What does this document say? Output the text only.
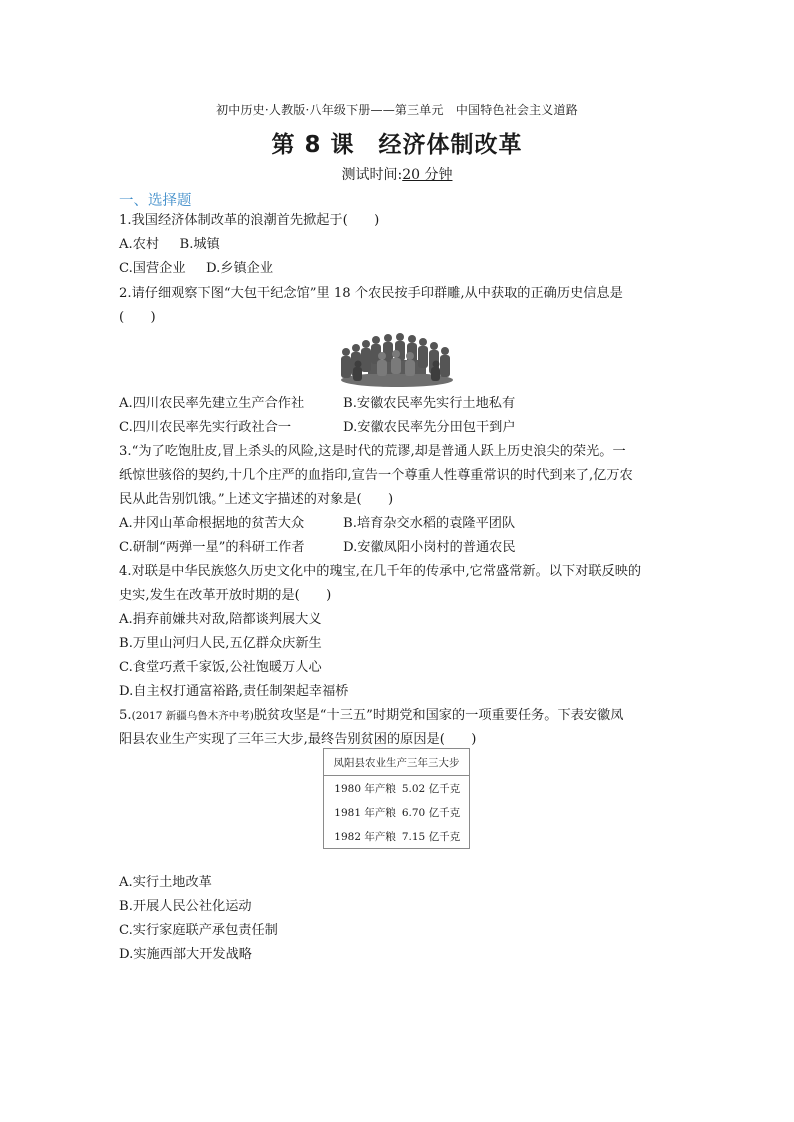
初中历史·人教版·八年级下册——第三单元　中国特色社会主义道路
第 8 课　经济体制改革
测试时间:20 分钟
一、选择题
1.我国经济体制改革的浪潮首先掀起于(　　)
A.农村 B.城镇
C.国营企业 D.乡镇企业
2.请仔细观察下图“大包干纪念馆”里 18 个农民按手印群雕,从中获取的正确历史信息是
(　　)
A.四川农民率先建立生产合作社	B.安徽农民率先实行土地私有
C.四川农民率先实行政社合一	D.安徽农民率先分田包干到户
3.“为了吃饱肚皮,冒上杀头的风险,这是时代的荒谬,却是普通人跃上历史浪尖的荣光。一
纸惊世骇俗的契约,十几个庄严的血指印,宣告一个尊重人性尊重常识的时代到来了,亿万农
民从此告别饥饿。”上述文字描述的对象是(　　)
A.井冈山革命根据地的贫苦大众	B.培育杂交水稻的袁隆平团队
C.研制“两弹一星”的科研工作者	D.安徽凤阳小岗村的普通农民
4.对联是中华民族悠久历史文化中的瑰宝,在几千年的传承中,它常盛常新。以下对联反映的
史实,发生在改革开放时期的是(　　)
A.捐弃前嫌共对敌,陪都谈判展大义
B.万里山河归人民,五亿群众庆新生
C.食堂巧煮千家饭,公社饱暖万人心
D.自主权打通富裕路,责任制架起幸福桥
5.(2017 新疆乌鲁木齐中考)脱贫攻坚是“十三五”时期党和国家的一项重要任务。下表安徽凤
阳县农业生产实现了三年三大步,最终告别贫困的原因是(　　)
凤阳县农业生产三年三大步	
1980 年产粮	5.02 亿千克
1981 年产粮	6.70 亿千克
1982 年产粮	7.15 亿千克
A.实行土地改革
B.开展人民公社化运动
C.实行家庭联产承包责任制
D.实施西部大开发战略
